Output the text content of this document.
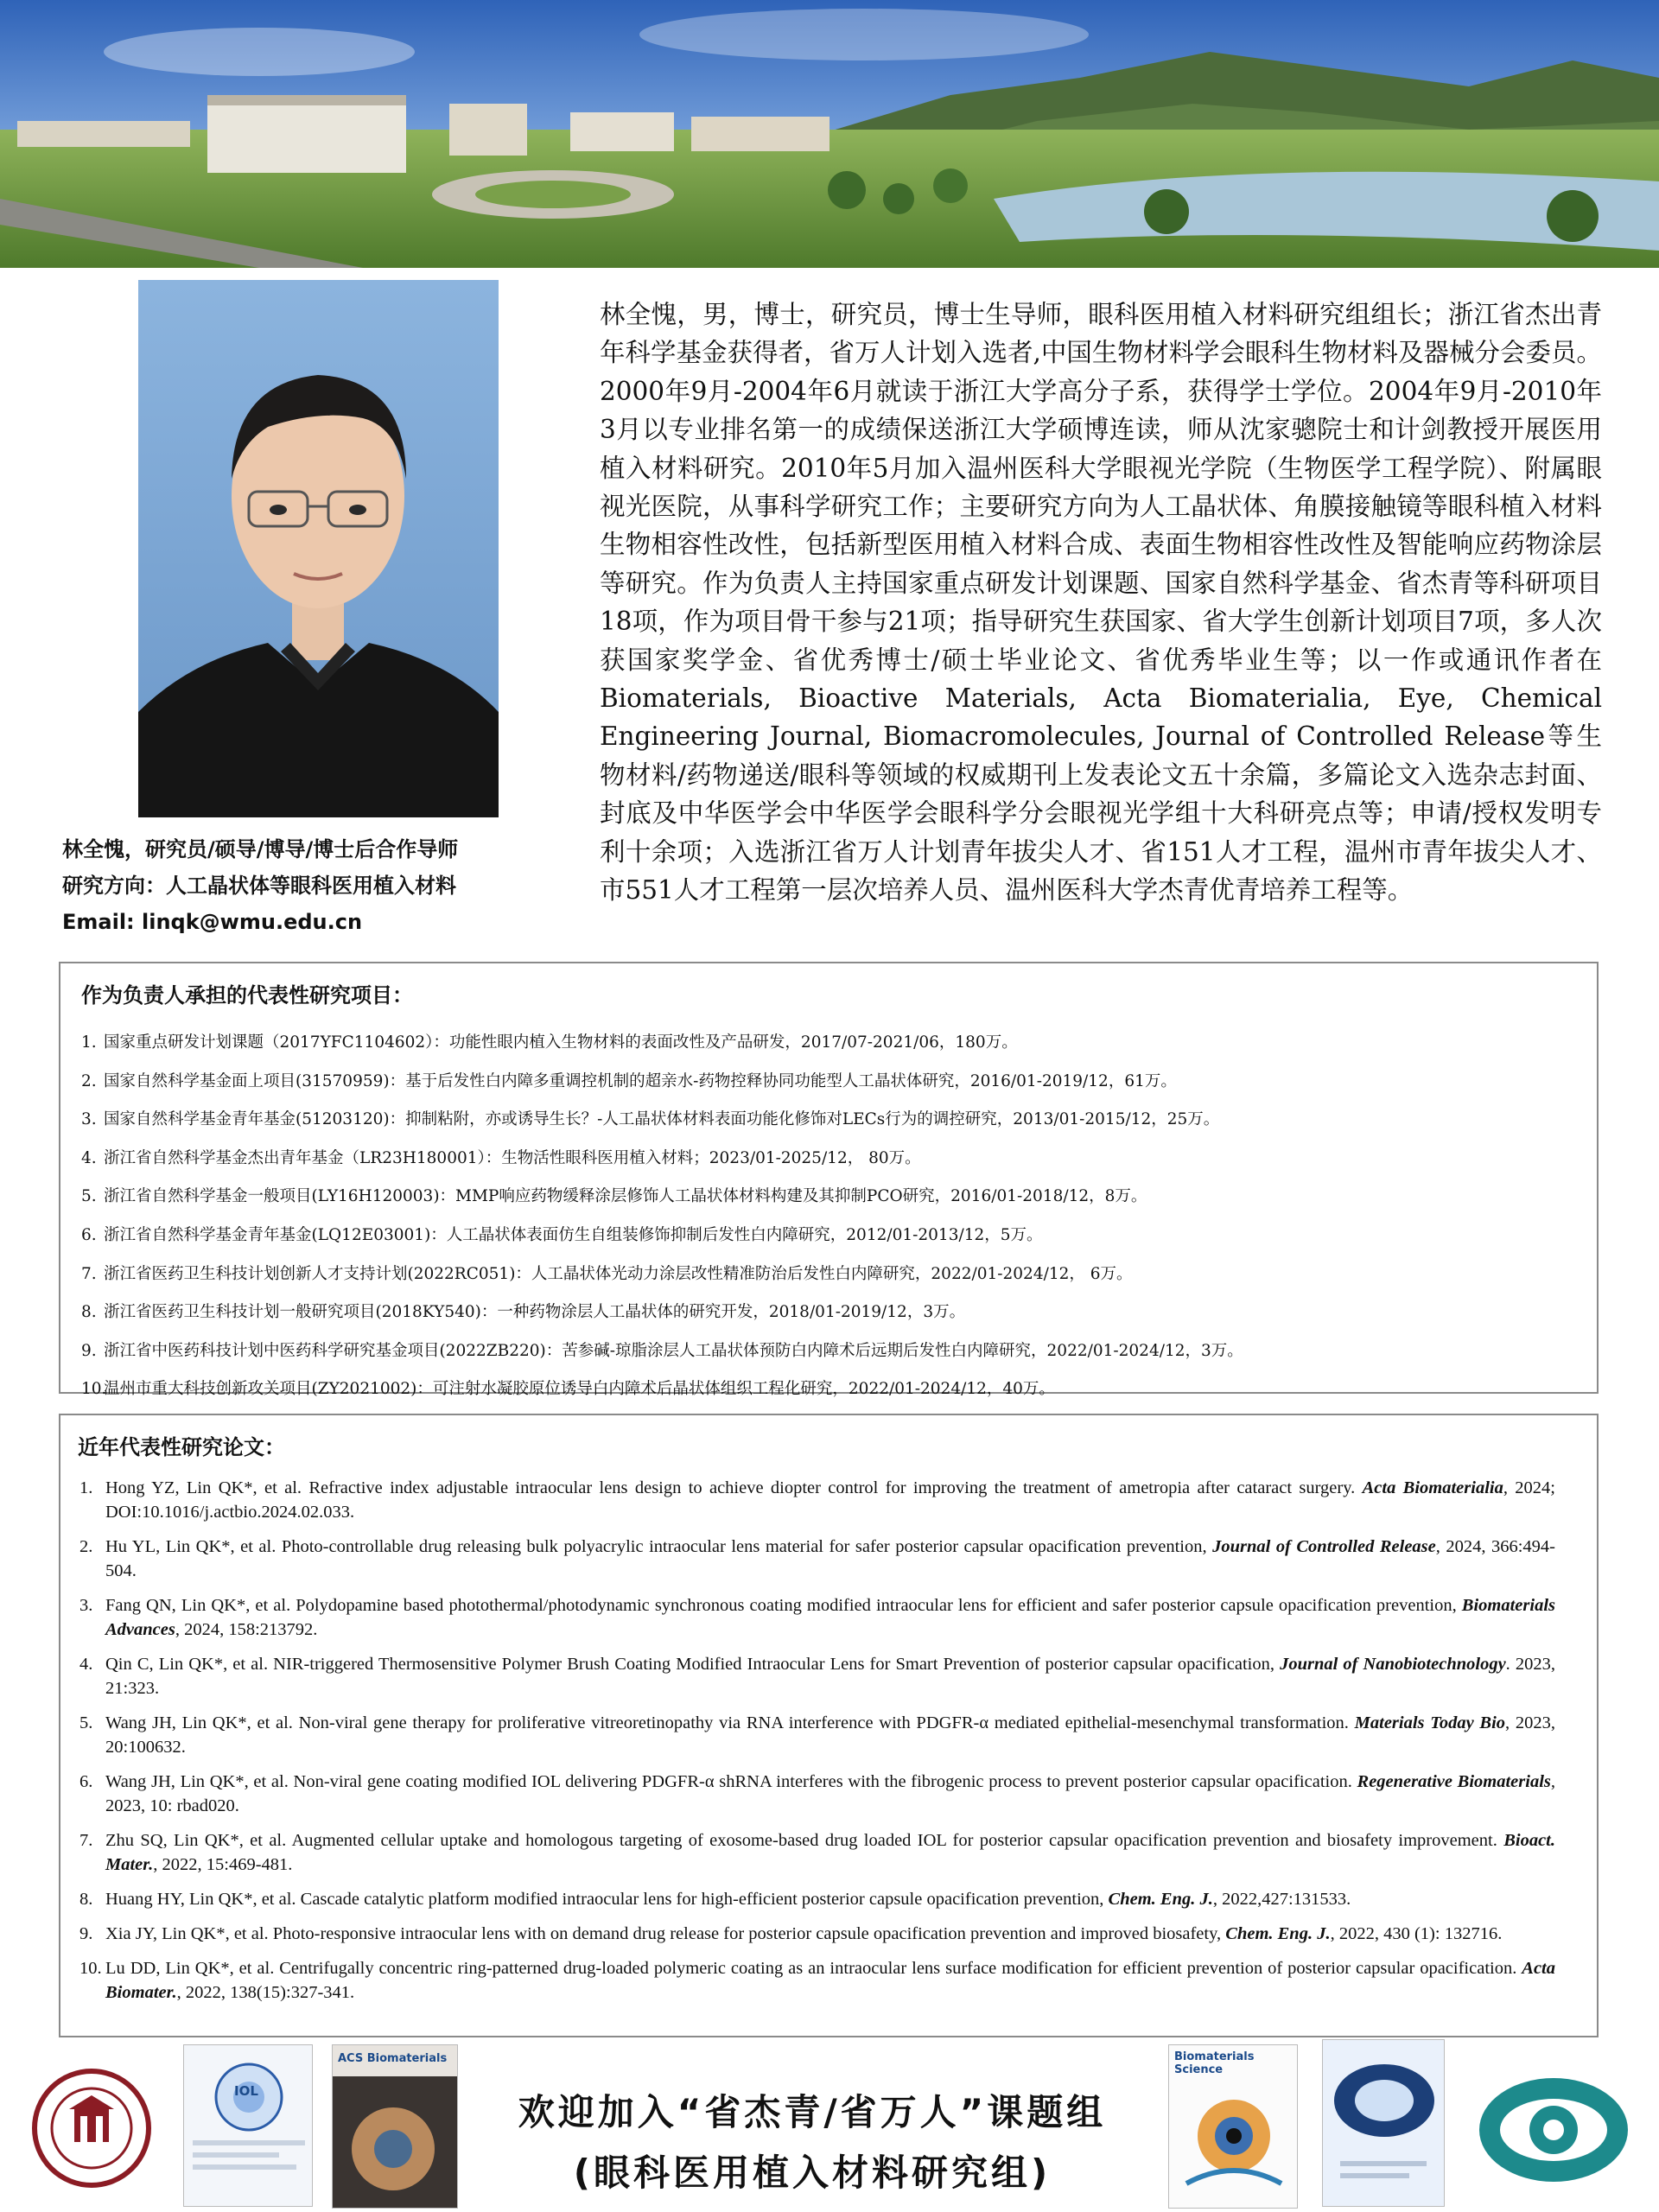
林全愧，研究员/硕导/博导/博士后合作导师
研究方向：人工晶状体等眼科医用植入材料
Email: linqk@wmu.edu.cn
林全愧，男，博士，研究员，博士生导师，眼科医用植入材料研究组组长；浙江省杰出青年科学基金获得者，省万人计划入选者,中国生物材料学会眼科生物材料及器械分会委员。2000年9月-2004年6月就读于浙江大学高分子系，获得学士学位。2004年9月-2010年3月以专业排名第一的成绩保送浙江大学硕博连读，师从沈家骢院士和计剑教授开展医用植入材料研究。2010年5月加入温州医科大学眼视光学院（生物医学工程学院）、附属眼视光医院，从事科学研究工作；主要研究方向为人工晶状体、角膜接触镜等眼科植入材料生物相容性改性，包括新型医用植入材料合成、表面生物相容性改性及智能响应药物涂层等研究。作为负责人主持国家重点研发计划课题、国家自然科学基金、省杰青等科研项目18项，作为项目骨干参与21项；指导研究生获国家、省大学生创新计划项目7项，多人次获国家奖学金、省优秀博士/硕士毕业论文、省优秀毕业生等；以一作或通讯作者在Biomaterials, Bioactive Materials, Acta Biomaterialia, Eye, Chemical Engineering Journal, Biomacromolecules, Journal of Controlled Release等生物材料/药物递送/眼科等领域的权威期刊上发表论文五十余篇，多篇论文入选杂志封面、封底及中华医学会中华医学会眼科学分会眼视光学组十大科研亮点等；申请/授权发明专利十余项；入选浙江省万人计划青年拔尖人才、省151人才工程，温州市青年拔尖人才、市551人才工程第一层次培养人员、温州医科大学杰青优青培养工程等。
作为负责人承担的代表性研究项目：
1. 国家重点研发计划课题（2017YFC1104602）：功能性眼内植入生物材料的表面改性及产品研发，2017/07-2021/06，180万。
2. 国家自然科学基金面上项目(31570959)：基于后发性白内障多重调控机制的超亲水-药物控释协同功能型人工晶状体研究，2016/01-2019/12，61万。
3. 国家自然科学基金青年基金(51203120)：抑制粘附，亦或诱导生长？-人工晶状体材料表面功能化修饰对LECs行为的调控研究，2013/01-2015/12，25万。
4. 浙江省自然科学基金杰出青年基金（LR23H180001）：生物活性眼科医用植入材料；2023/01-2025/12， 80万。
5. 浙江省自然科学基金一般项目(LY16H120003)：MMP响应药物缓释涂层修饰人工晶状体材料构建及其抑制PCO研究，2016/01-2018/12，8万。
6. 浙江省自然科学基金青年基金(LQ12E03001)：人工晶状体表面仿生自组装修饰抑制后发性白内障研究，2012/01-2013/12，5万。
7. 浙江省医药卫生科技计划创新人才支持计划(2022RC051)：人工晶状体光动力涂层改性精准防治后发性白内障研究，2022/01-2024/12， 6万。
8. 浙江省医药卫生科技计划一般研究项目(2018KY540)：一种药物涂层人工晶状体的研究开发，2018/01-2019/12，3万。
9. 浙江省中医药科技计划中医药科学研究基金项目(2022ZB220)：苦参碱-琼脂涂层人工晶状体预防白内障术后远期后发性白内障研究，2022/01-2024/12，3万。
10.温州市重大科技创新攻关项目(ZY2021002)：可注射水凝胶原位诱导白内障术后晶状体组织工程化研究，2022/01-2024/12，40万。
近年代表性研究论文：
1. Hong YZ, Lin QK*, et al. Refractive index adjustable intraocular lens design to achieve diopter control for improving the treatment of ametropia after cataract surgery. Acta Biomaterialia, 2024; DOI:10.1016/j.actbio.2024.02.033.
2. Hu YL, Lin QK*, et al. Photo-controllable drug releasing bulk polyacrylic intraocular lens material for safer posterior capsular opacification prevention, Journal of Controlled Release, 2024, 366:494-504.
3. Fang QN, Lin QK*, et al. Polydopamine based photothermal/photodynamic synchronous coating modified intraocular lens for efficient and safer posterior capsule opacification prevention, Biomaterials Advances, 2024, 158:213792.
4. Qin C, Lin QK*, et al. NIR-triggered Thermosensitive Polymer Brush Coating Modified Intraocular Lens for Smart Prevention of posterior capsular opacification, Journal of Nanobiotechnology. 2023, 21:323.
5. Wang JH, Lin QK*, et al. Non-viral gene therapy for proliferative vitreoretinopathy via RNA interference with PDGFR-α mediated epithelial-mesenchymal transformation. Materials Today Bio, 2023, 20:100632.
6. Wang JH, Lin QK*, et al. Non-viral gene coating modified IOL delivering PDGFR-α shRNA interferes with the fibrogenic process to prevent posterior capsular opacification. Regenerative Biomaterials, 2023, 10: rbad020.
7. Zhu SQ, Lin QK*, et al. Augmented cellular uptake and homologous targeting of exosome-based drug loaded IOL for posterior capsular opacification prevention and biosafety improvement. Bioact. Mater., 2022, 15:469-481.
8. Huang HY, Lin QK*, et al. Cascade catalytic platform modified intraocular lens for high-efficient posterior capsule opacification prevention, Chem. Eng. J., 2022,427:131533.
9. Xia JY, Lin QK*, et al. Photo-responsive intraocular lens with on demand drug release for posterior capsule opacification prevention and improved biosafety, Chem. Eng. J., 2022, 430 (1): 132716.
10. Lu DD, Lin QK*, et al. Centrifugally concentric ring-patterned drug-loaded polymeric coating as an intraocular lens surface modification for efficient prevention of posterior capsular opacification. Acta Biomater., 2022, 138(15):327-341.
IOL
ACS Biomaterials
欢迎加入“省杰青/省万人”课题组
(眼科医用植入材料研究组)
Biomaterials Science
